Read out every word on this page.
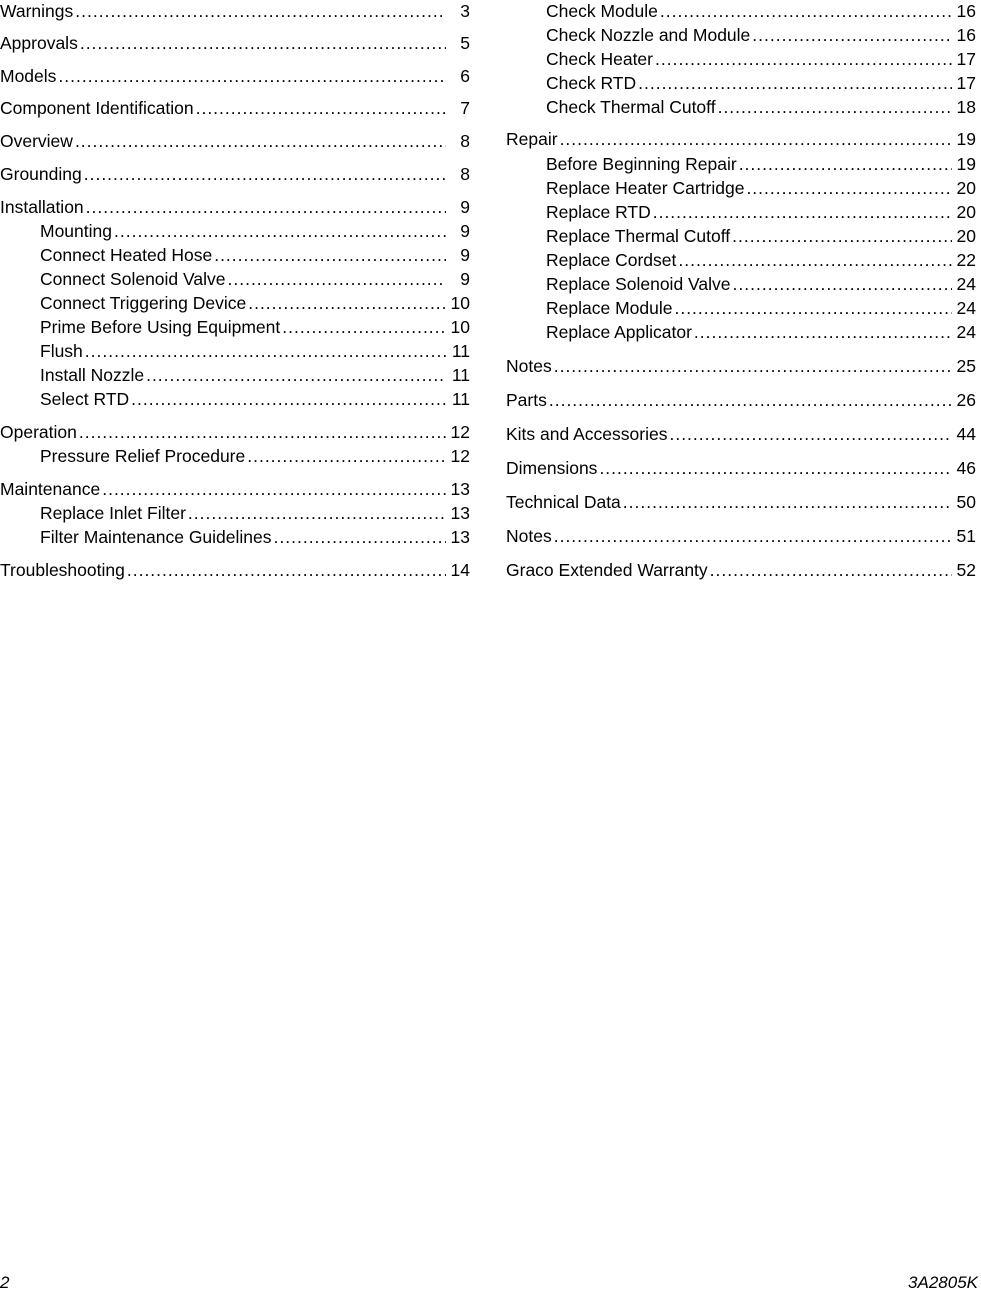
Warnings .....	3
Approvals .....	5
Models .....	6
Component Identification .....	7
Overview .....	8
Grounding .....	8
Installation .....	9
Mounting .....	9
Connect Heated Hose .....	9
Connect Solenoid Valve .....	9
Connect Triggering Device .....	10
Prime Before Using Equipment .....	10
Flush .....	11
Install Nozzle .....	11
Select RTD .....	11
Operation .....	12
Pressure Relief Procedure .....	12
Maintenance .....	13
Replace Inlet Filter .....	13
Filter Maintenance Guidelines .....	13
Troubleshooting .....	14
Check Module .....	16
Check Nozzle and Module .....	16
Check Heater .....	17
Check RTD .....	17
Check Thermal Cutoff .....	18
Repair .....	19
Before Beginning Repair .....	19
Replace Heater Cartridge .....	20
Replace RTD .....	20
Replace Thermal Cutoff .....	20
Replace Cordset .....	22
Replace Solenoid Valve .....	24
Replace Module .....	24
Replace Applicator .....	24
Notes .....	25
Parts .....	26
Kits and Accessories .....	44
Dimensions .....	46
Technical Data .....	50
Notes .....	51
Graco Extended Warranty .....	52
2	3A2805K
